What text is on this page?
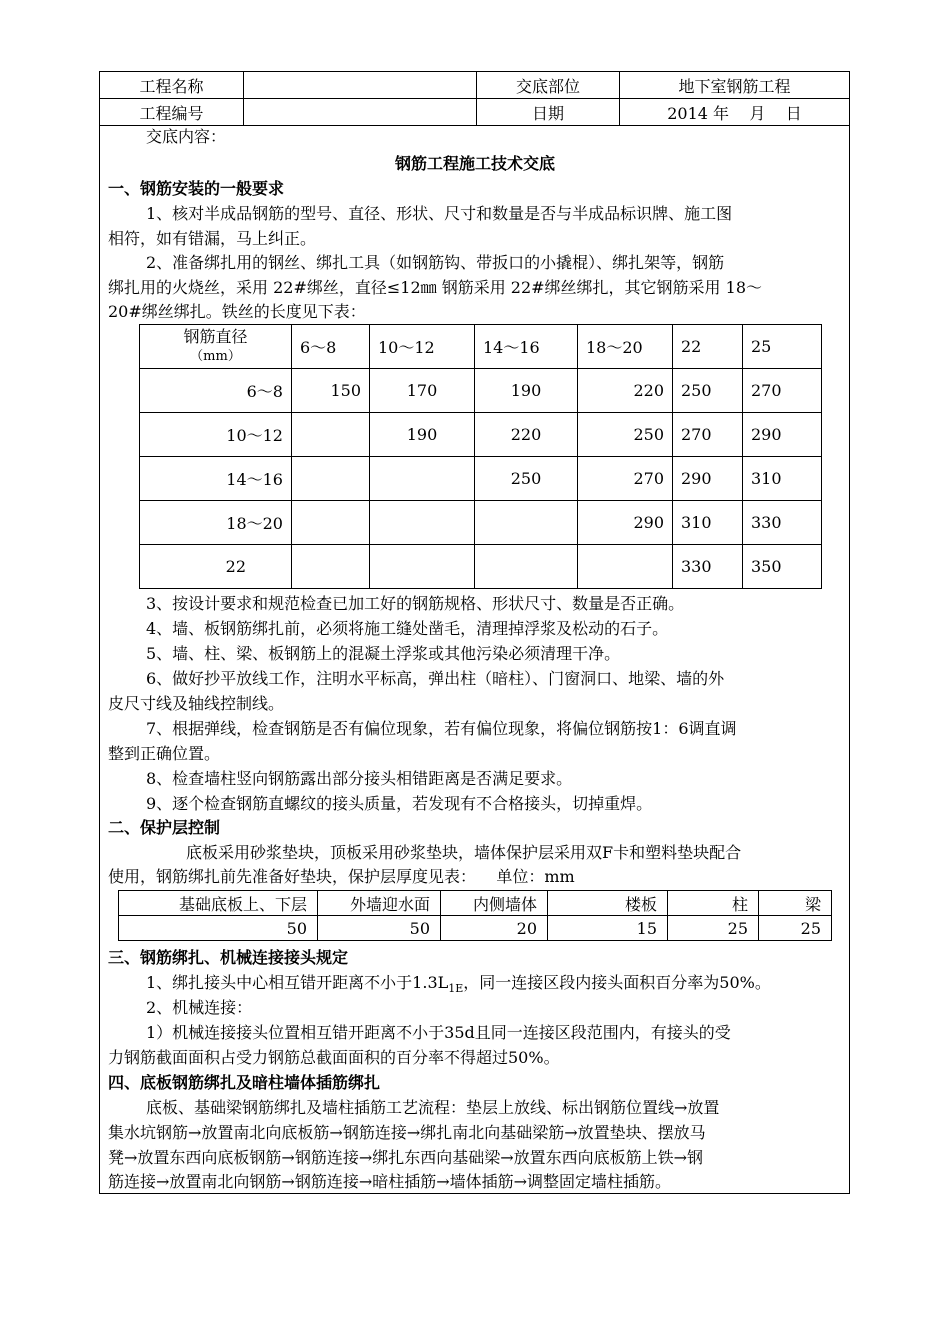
工程名称		交底部位	地下室钢筋工程
工程编号		日期	2014 年    月    日
交底内容：
钢筋工程施工技术交底
一、钢筋安装的一般要求
1、核对半成品钢筋的型号、直径、形状、尺寸和数量是否与半成品标识牌、施工图
相符，如有错漏，马上纠正。
2、准备绑扎用的钢丝、绑扎工具（如钢筋钩、带扳口的小撬棍）、绑扎架等，钢筋
绑扎用的火烧丝，采用 22#绑丝，直径≤12㎜ 钢筋采用 22#绑丝绑扎，其它钢筋采用 18～
20#绑丝绑扎。铁丝的长度见下表：
钢筋直径
（mm）	6～8	10～12	14～16	18～20	22	25
6～8	150	170	190	220	250	270
10～12		190	220	250	270	290
14～16			250	270	290	310
18～20				290	310	330
22					330	350
3、按设计要求和规范检查已加工好的钢筋规格、形状尺寸、数量是否正确。
4、墙、板钢筋绑扎前，必须将施工缝处凿毛，清理掉浮浆及松动的石子。
5、墙、柱、梁、板钢筋上的混凝土浮浆或其他污染必须清理干净。
6、做好抄平放线工作，注明水平标高，弹出柱（暗柱）、门窗洞口、地梁、墙的外
皮尺寸线及轴线控制线。
7、根据弹线，检查钢筋是否有偏位现象，若有偏位现象，将偏位钢筋按1：6调直调
整到正确位置。
8、检查墙柱竖向钢筋露出部分接头相错距离是否满足要求。
9、逐个检查钢筋直螺纹的接头质量，若发现有不合格接头，切掉重焊。
二、保护层控制
底板采用砂浆垫块，顶板采用砂浆垫块，墙体保护层采用双F卡和塑料垫块配合
使用，钢筋绑扎前先准备好垫块，保护层厚度见表：    单位：mm
基础底板上、下层	外墙迎水面	内侧墙体	楼板	柱	梁
50	50	20	15	25	25
三、钢筋绑扎、机械连接接头规定
1、绑扎接头中心相互错开距离不小于$1.3L_{1E}$，同一连接区段内接头面积百分率为50%。
2、机械连接：
1）机械连接接头位置相互错开距离不小于35d且同一连接区段范围内，有接头的受
力钢筋截面面积占受力钢筋总截面面积的百分率不得超过50%。
四、底板钢筋绑扎及暗柱墙体插筋绑扎
底板、基础梁钢筋绑扎及墙柱插筋工艺流程：垫层上放线、标出钢筋位置线→放置
集水坑钢筋→放置南北向底板筋→钢筋连接→绑扎南北向基础梁筋→放置垫块、摆放马
凳→放置东西向底板钢筋→钢筋连接→绑扎东西向基础梁→放置东西向底板筋上铁→钢
筋连接→放置南北向钢筋→钢筋连接→暗柱插筋→墙体插筋→调整固定墙柱插筋。
